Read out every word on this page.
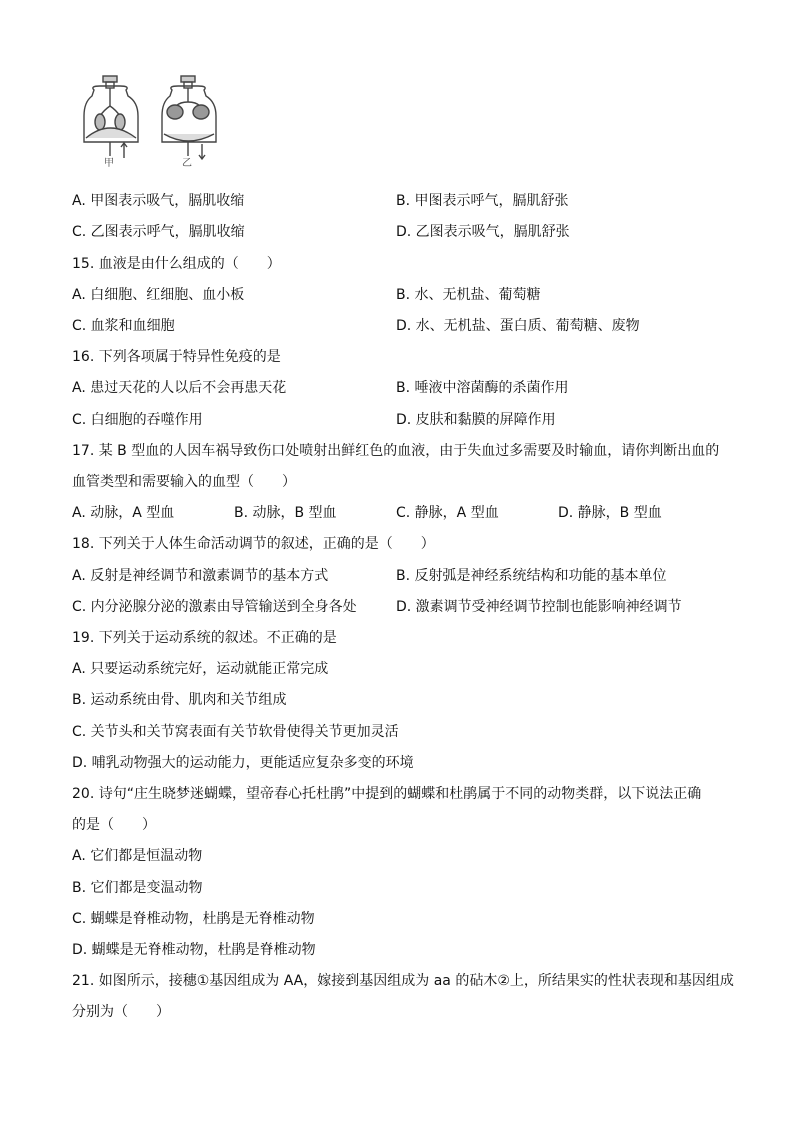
甲	乙
A. 甲图表示吸气，膈肌收缩	B. 甲图表示呼气，膈肌舒张
C. 乙图表示呼气，膈肌收缩	D. 乙图表示吸气，膈肌舒张
15. 血液是由什么组成的（　　）
A. 白细胞、红细胞、血小板	B. 水、无机盐、葡萄糖
C. 血浆和血细胞	D. 水、无机盐、蛋白质、葡萄糖、废物
16. 下列各项属于特异性免疫的是
A. 患过天花的人以后不会再患天花	B. 唾液中溶菌酶的杀菌作用
C. 白细胞的吞噬作用	D. 皮肤和黏膜的屏障作用
17. 某 B 型血的人因车祸导致伤口处喷射出鲜红色的血液，由于失血过多需要及时输血，请你判断出血的
血管类型和需要输入的血型（　　）
A. 动脉，A 型血	B. 动脉，B 型血	C. 静脉，A 型血	D. 静脉，B 型血
18. 下列关于人体生命活动调节的叙述，正确的是（　　）
A. 反射是神经调节和激素调节的基本方式	B. 反射弧是神经系统结构和功能的基本单位
C. 内分泌腺分泌的激素由导管输送到全身各处	D. 激素调节受神经调节控制也能影响神经调节
19. 下列关于运动系统的叙述。不正确的是
A. 只要运动系统完好，运动就能正常完成
B. 运动系统由骨、肌肉和关节组成
C. 关节头和关节窝表面有关节软骨使得关节更加灵活
D. 哺乳动物强大的运动能力，更能适应复杂多变的环境
20. 诗句“庄生晓梦迷蝴蝶，望帝春心托杜鹃”中提到的蝴蝶和杜鹃属于不同的动物类群，以下说法正确
的是（　　）
A. 它们都是恒温动物
B. 它们都是变温动物
C. 蝴蝶是脊椎动物，杜鹃是无脊椎动物
D. 蝴蝶是无脊椎动物，杜鹃是脊椎动物
21. 如图所示，接穗①基因组成为 AA，嫁接到基因组成为 aa 的砧木②上，所结果实的性状表现和基因组成
分别为（　　）
